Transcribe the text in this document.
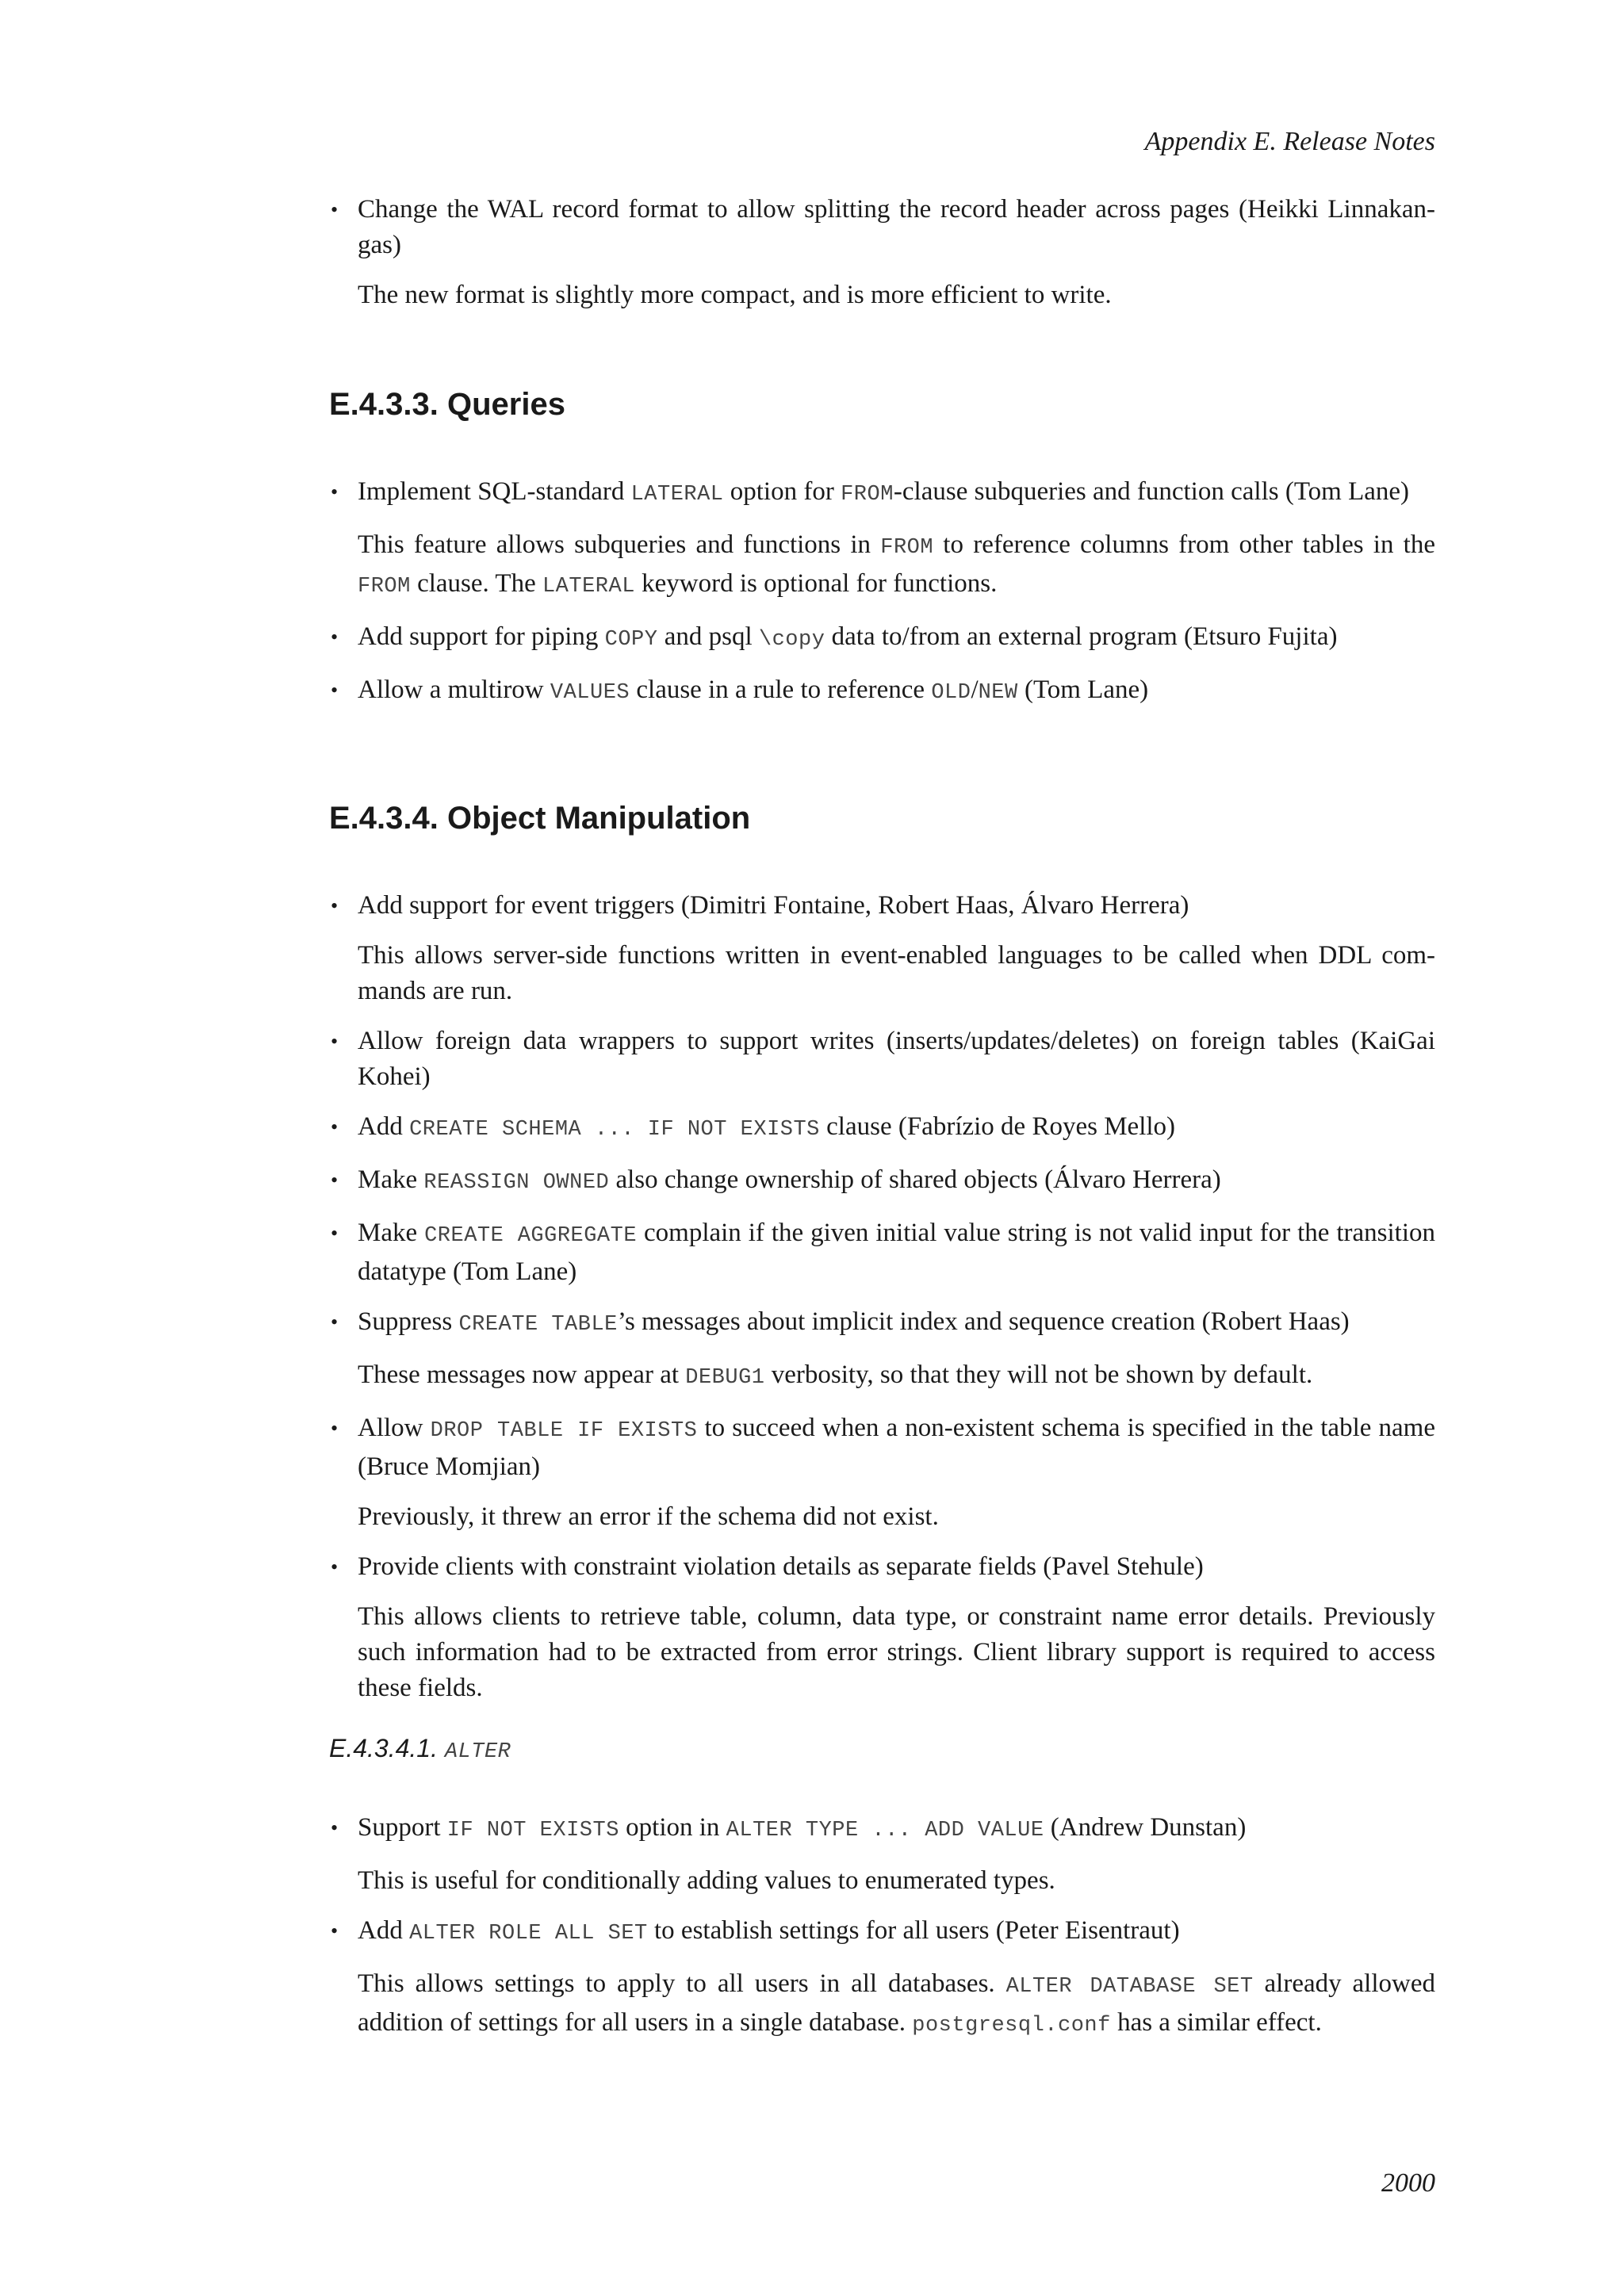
Appendix E. Release Notes
• Change the WAL record format to allow splitting the record header across pages (Heikki Linnakan-gas)
The new format is slightly more compact, and is more efficient to write.
E.4.3.3. Queries
• Implement SQL-standard LATERAL option for FROM-clause subqueries and function calls (Tom Lane)
This feature allows subqueries and functions in FROM to reference columns from other tables in the FROM clause. The LATERAL keyword is optional for functions.
• Add support for piping COPY and psql \copy data to/from an external program (Etsuro Fujita)
• Allow a multirow VALUES clause in a rule to reference OLD/NEW (Tom Lane)
E.4.3.4. Object Manipulation
• Add support for event triggers (Dimitri Fontaine, Robert Haas, Álvaro Herrera)
This allows server-side functions written in event-enabled languages to be called when DDL com-mands are run.
• Allow foreign data wrappers to support writes (inserts/updates/deletes) on foreign tables (KaiGai Kohei)
• Add CREATE SCHEMA ... IF NOT EXISTS clause (Fabrízio de Royes Mello)
• Make REASSIGN OWNED also change ownership of shared objects (Álvaro Herrera)
• Make CREATE AGGREGATE complain if the given initial value string is not valid input for the transition datatype (Tom Lane)
• Suppress CREATE TABLE’s messages about implicit index and sequence creation (Robert Haas)
These messages now appear at DEBUG1 verbosity, so that they will not be shown by default.
• Allow DROP TABLE IF EXISTS to succeed when a non-existent schema is specified in the table name (Bruce Momjian)
Previously, it threw an error if the schema did not exist.
• Provide clients with constraint violation details as separate fields (Pavel Stehule)
This allows clients to retrieve table, column, data type, or constraint name error details. Previously such information had to be extracted from error strings. Client library support is required to access these fields.
E.4.3.4.1. ALTER
• Support IF NOT EXISTS option in ALTER TYPE ... ADD VALUE (Andrew Dunstan)
This is useful for conditionally adding values to enumerated types.
• Add ALTER ROLE ALL SET to establish settings for all users (Peter Eisentraut)
This allows settings to apply to all users in all databases. ALTER DATABASE SET already allowed addition of settings for all users in a single database. postgresql.conf has a similar effect.
2000
